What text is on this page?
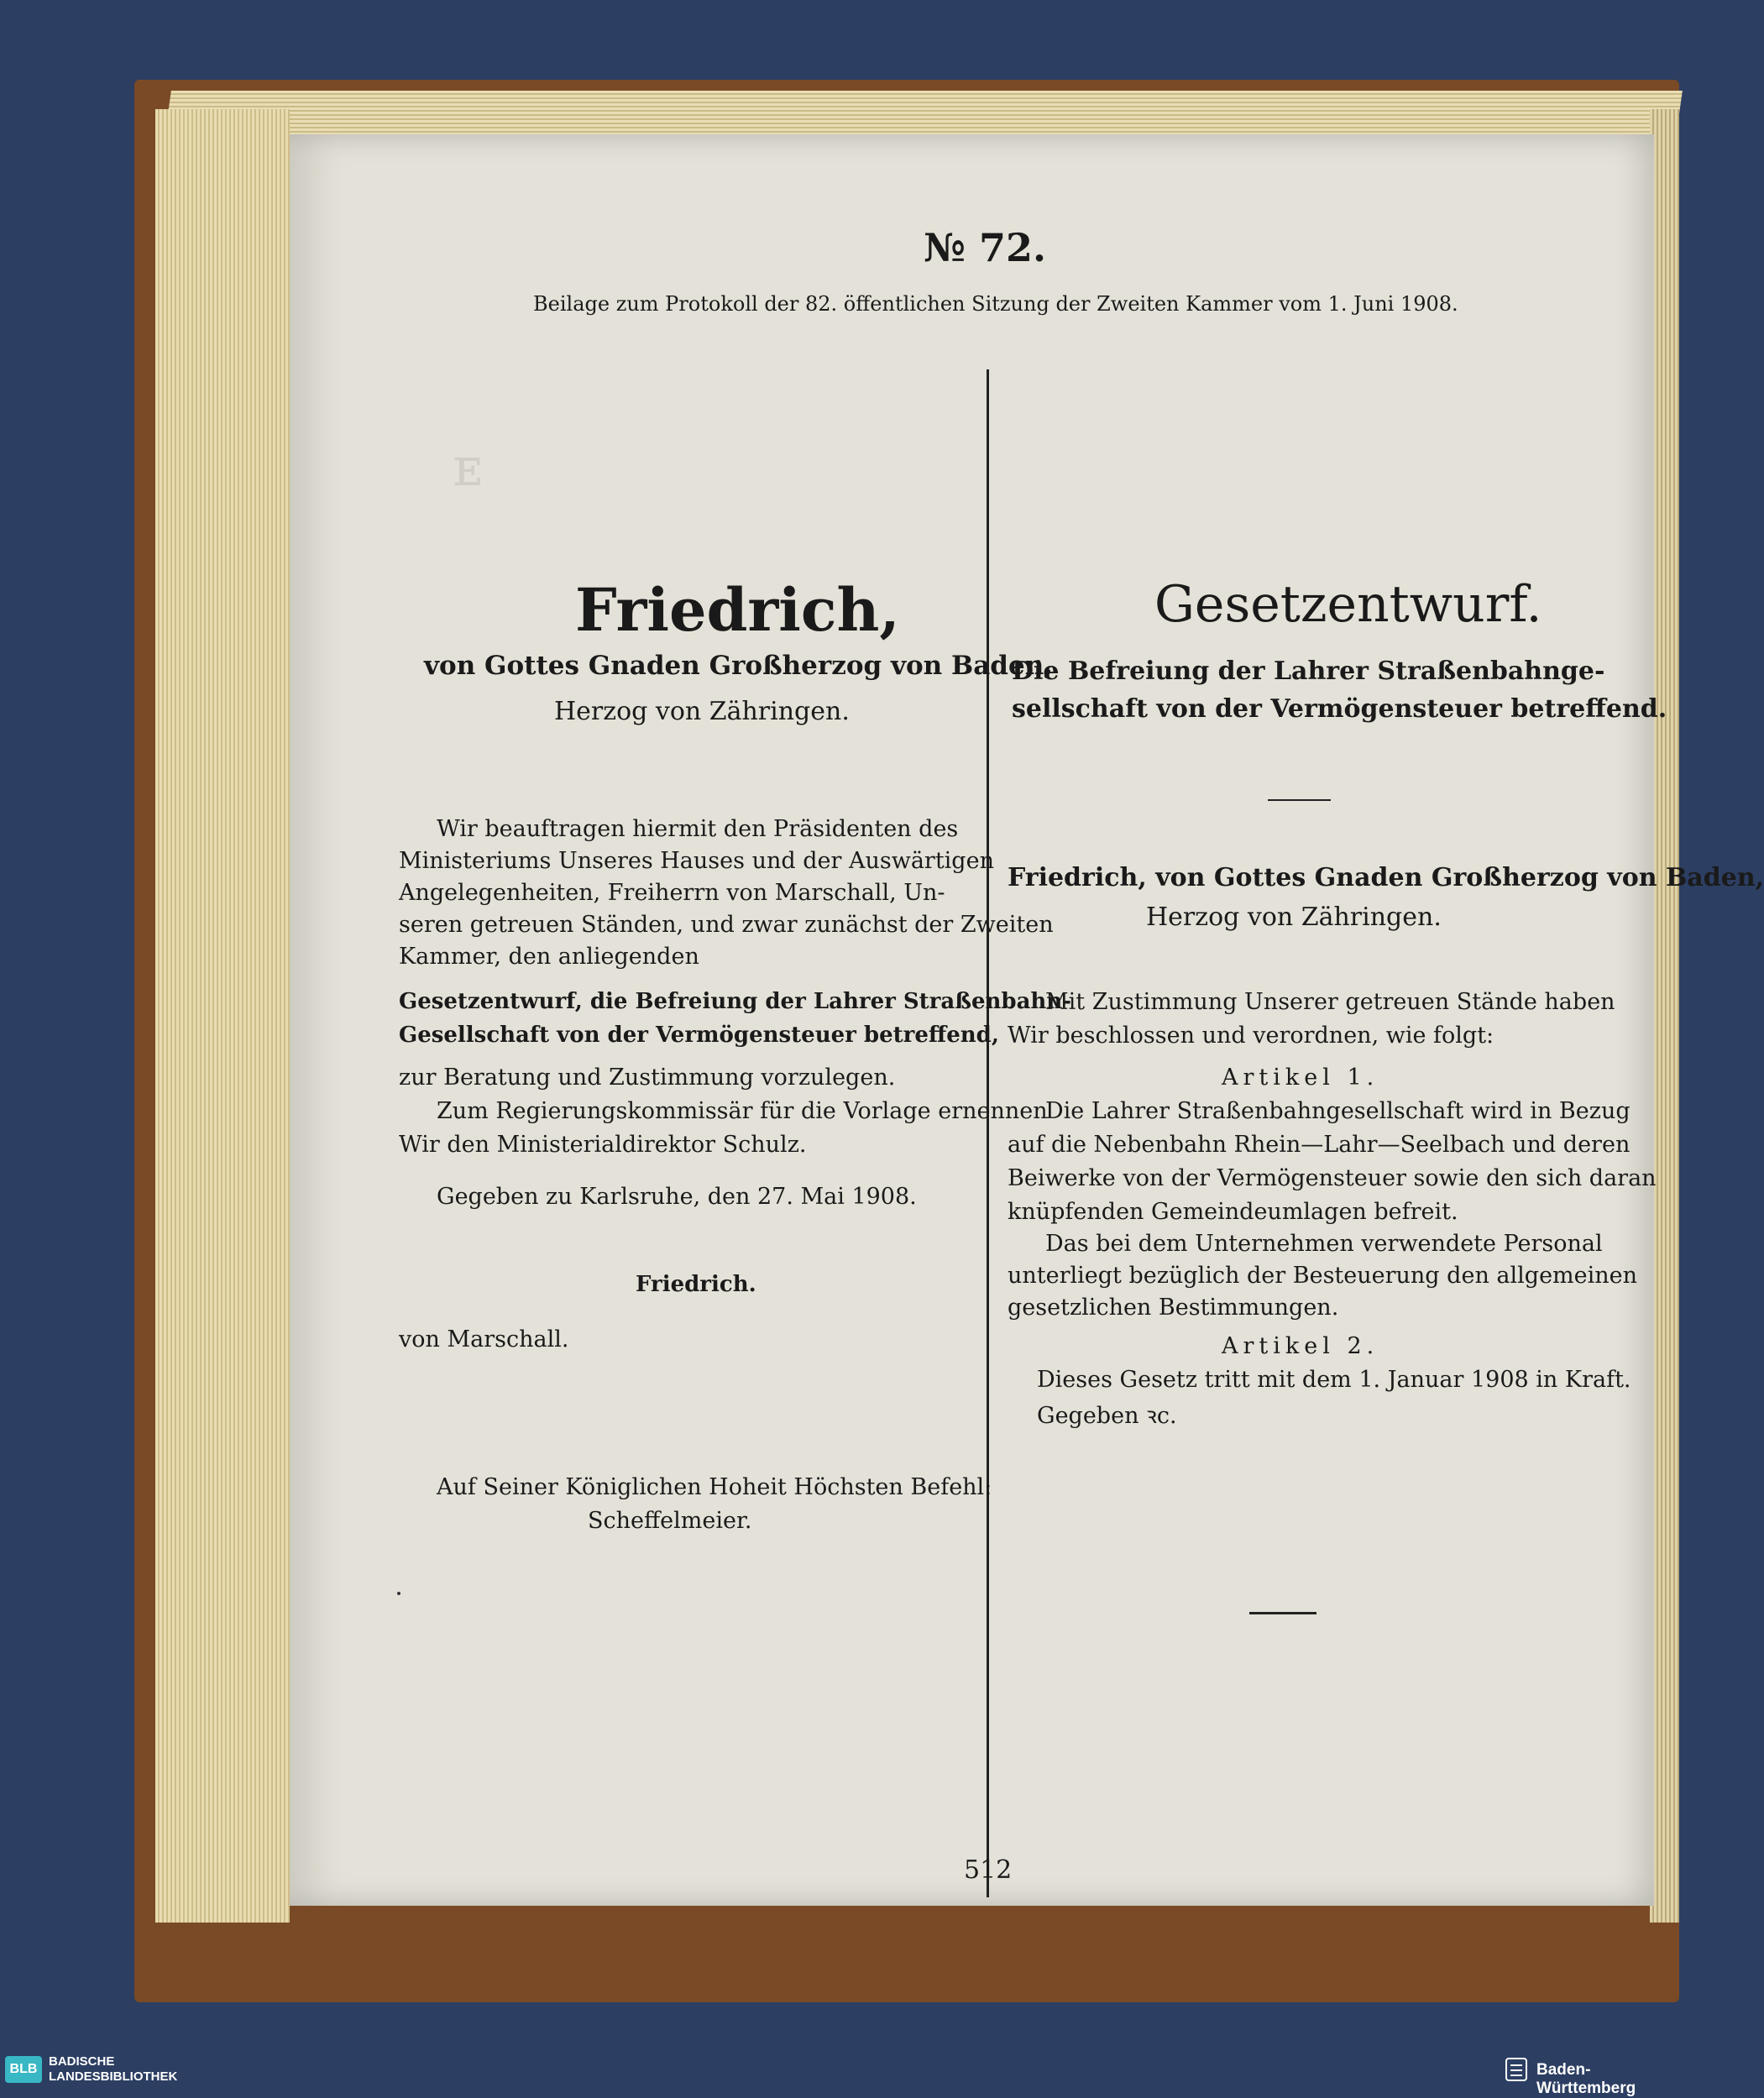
ᴇ
№ 72.
Beilage zum Protokoll der 82. öffentlichen Sitzung der Zweiten Kammer vom 1. Juni 1908.
Friedrich,
von Gottes Gnaden Großherzog von Baden,
Herzog von Zähringen.
Wir beauftragen hiermit den Präsidenten des
Ministeriums Unseres Hauses und der Auswärtigen
Angelegenheiten, Freiherrn von Marschall, Un-
seren getreuen Ständen, und zwar zunächst der Zweiten
Kammer, den anliegenden
Gesetzentwurf, die Befreiung der Lahrer Straßenbahn-
Gesellschaft von der Vermögensteuer betreffend,
zur Beratung und Zustimmung vorzulegen.
Zum Regierungskommissär für die Vorlage ernennen
Wir den Ministerialdirektor Schulz.
Gegeben zu Karlsruhe, den 27. Mai 1908.
Friedrich.
von Marschall.
Auf Seiner Königlichen Hoheit Höchsten Befehl:
Scheffelmeier.
Gesetzentwurf.
Die Befreiung der Lahrer Straßenbahnge-
sellschaft von der Vermögensteuer betreffend.
Friedrich, von Gottes Gnaden Großherzog von Baden,
Herzog von Zähringen.
Mit Zustimmung Unserer getreuen Stände haben
Wir beschlossen und verordnen, wie folgt:
Artikel 1.
Die Lahrer Straßenbahngesellschaft wird in Bezug
auf die Nebenbahn Rhein—Lahr—Seelbach und deren
Beiwerke von der Vermögensteuer sowie den sich daran
knüpfenden Gemeindeumlagen befreit.
Das bei dem Unternehmen verwendete Personal
unterliegt bezüglich der Besteuerung den allgemeinen
gesetzlichen Bestimmungen.
Artikel 2.
Dieses Gesetz tritt mit dem 1. Januar 1908 in Kraft.
Gegeben ꝛc.
512
BLB
BADISCHE
LANDESBIBLIOTHEK	Baden-Württemberg
